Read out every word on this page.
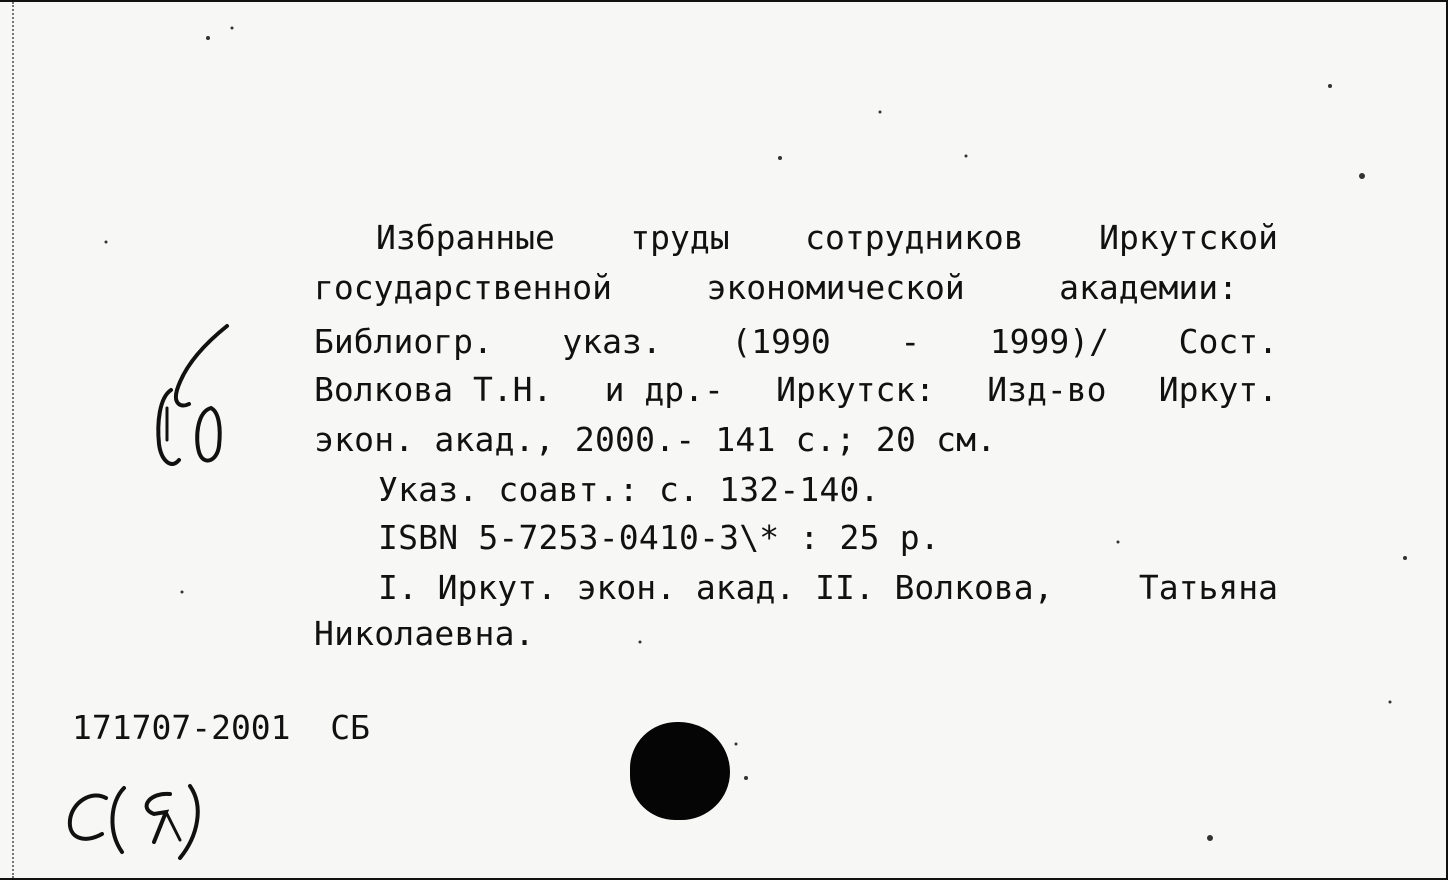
Избранные труды сотрудников Иркутской
государственной	экономической	академии:
Библиогр. указ. (1990 - 1999)/ Сост.
Волкова Т.Н. и др.- Иркутск: Изд-во Иркут.
экон. акад., 2000.- 141 с.; 20 см.
Указ. соавт.: с. 132-140.
ISBN 5-7253-0410-3\* : 25 р.
I. Иркут. экон. акад. II. Волкова,	Татьяна
Николаевна.
171707-2001  СБ
